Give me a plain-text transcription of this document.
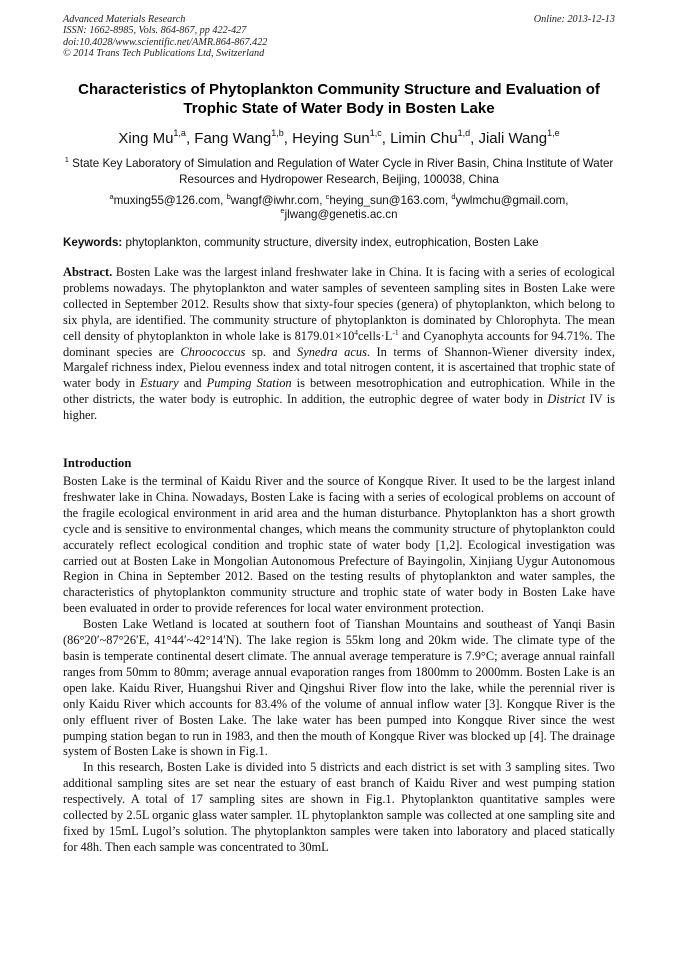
Advanced Materials Research
ISSN: 1662-8985, Vols. 864-867, pp 422-427
doi:10.4028/www.scientific.net/AMR.864-867.422
© 2014 Trans Tech Publications Ltd, Switzerland
Online: 2013-12-13
Characteristics of Phytoplankton Community Structure and Evaluation of Trophic State of Water Body in Bosten Lake
Xing Mu$^{1,a}$, Fang Wang$^{1,b}$, Heying Sun$^{1,c}$, Limin Chu$^{1,d}$, Jiali Wang$^{1,e}$
$^1$ State Key Laboratory of Simulation and Regulation of Water Cycle in River Basin, China Institute of Water Resources and Hydropower Research, Beijing, 100038, China
$^a$muxing55@126.com, $^b$wangf@iwhr.com, $^c$heying_sun@163.com, $^d$ywlmchu@gmail.com,
$^e$jlwang@genetis.ac.cn
Keywords: phytoplankton, community structure, diversity index, eutrophication, Bosten Lake
Abstract. Bosten Lake was the largest inland freshwater lake in China. It is facing with a series of ecological problems nowadays. The phytoplankton and water samples of seventeen sampling sites in Bosten Lake were collected in September 2012. Results show that sixty-four species (genera) of phytoplankton, which belong to six phyla, are identified. The community structure of phytoplankton is dominated by Chlorophyta. The mean cell density of phytoplankton in whole lake is $8179.01\times 10^4cells\cdot L^{-1}$ and Cyanophyta accounts for 94.71%. The dominant species are Chroococcus sp. and Synedra acus. In terms of Shannon-Wiener diversity index, Margalef richness index, Pielou evenness index and total nitrogen content, it is ascertained that trophic state of water body in Estuary and Pumping Station is between mesotrophication and eutrophication. While in the other districts, the water body is eutrophic. In addition, the eutrophic degree of water body in District IV is higher.
Introduction

Bosten Lake is the terminal of Kaidu River and the source of Kongque River. It used to be the largest inland freshwater lake in China. Nowadays, Bosten Lake is facing with a series of ecological problems on account of the fragile ecological environment in arid area and the human disturbance. Phytoplankton has a short growth cycle and is sensitive to environmental changes, which means the community structure of phytoplankton could accurately reflect ecological condition and trophic state of water body [1,2]. Ecological investigation was carried out at Bosten Lake in Mongolian Autonomous Prefecture of Bayingolin, Xinjiang Uygur Autonomous Region in China in September 2012. Based on the testing results of phytoplankton and water samples, the characteristics of phytoplankton community structure and trophic state of water body in Bosten Lake have been evaluated in order to provide references for local water environment protection.

Bosten Lake Wetland is located at southern foot of Tianshan Mountains and southeast of Yanqi Basin (86°20′~87°26′E, 41°44′~42°14′N). The lake region is 55km long and 20km wide. The climate type of the basin is temperate continental desert climate. The annual average temperature is 7.9°C; average annual rainfall ranges from 50mm to 80mm; average annual evaporation ranges from 1800mm to 2000mm. Bosten Lake is an open lake. Kaidu River, Huangshui River and Qingshui River flow into the lake, while the perennial river is only Kaidu River which accounts for 83.4% of the volume of annual inflow water [3]. Kongque River is the only effluent river of Bosten Lake. The lake water has been pumped into Kongque River since the west pumping station began to run in 1983, and then the mouth of Kongque River was blocked up [4]. The drainage system of Bosten Lake is shown in Fig.1.

In this research, Bosten Lake is divided into 5 districts and each district is set with 3 sampling sites. Two additional sampling sites are set near the estuary of east branch of Kaidu River and west pumping station respectively. A total of 17 sampling sites are shown in Fig.1. Phytoplankton quantitative samples were collected by 2.5L organic glass water sampler. 1L phytoplankton sample was collected at one sampling site and fixed by 15mL Lugol’s solution. The phytoplankton samples were taken into laboratory and placed statically for 48h. Then each sample was concentrated to 30mL
